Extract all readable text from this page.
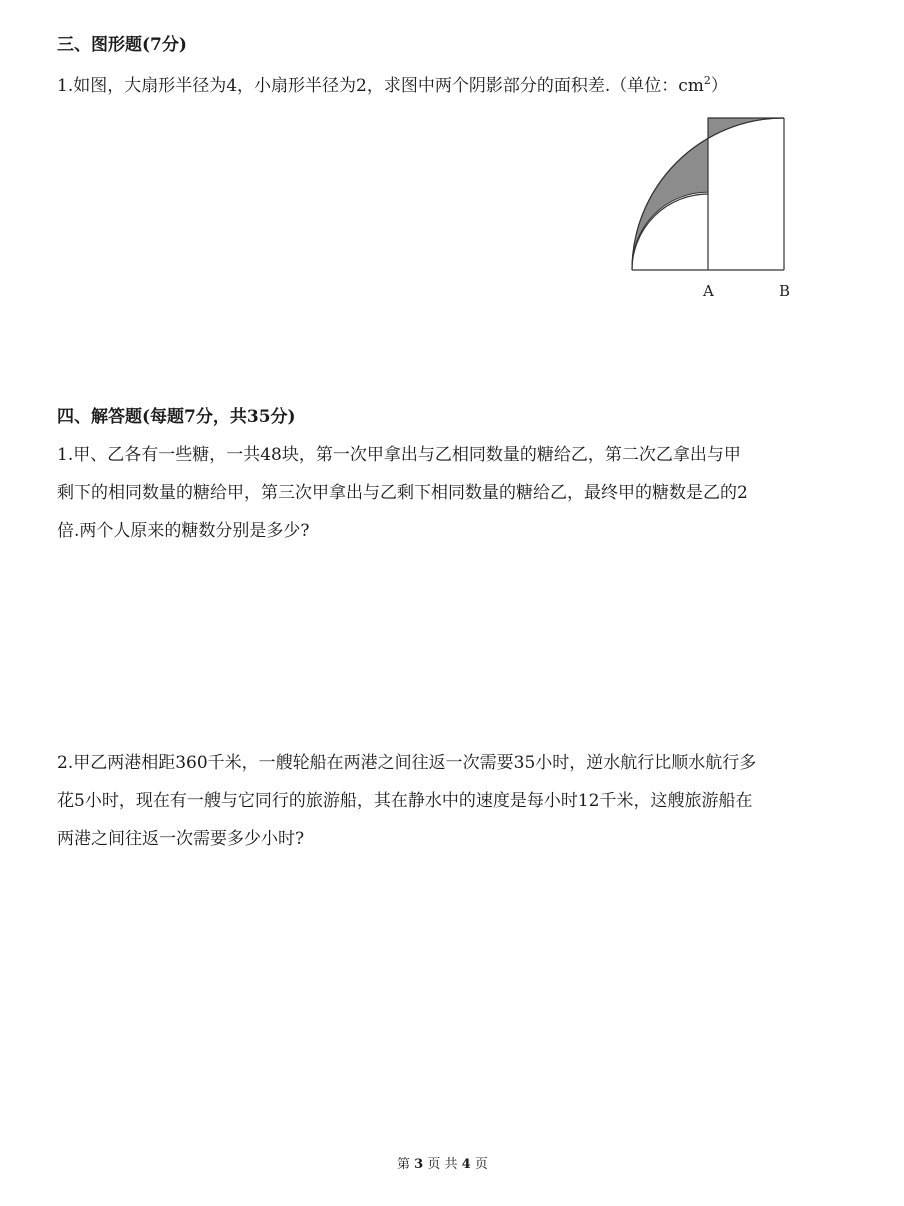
三、图形题(7分)
1.如图，大扇形半径为4，小扇形半径为2，求图中两个阴影部分的面积差.（单位：$cm^2$）
A	B
四、解答题(每题7分，共35分)
1.甲、乙各有一些糖，一共48块，第一次甲拿出与乙相同数量的糖给乙，第二次乙拿出与甲
剩下的相同数量的糖给甲，第三次甲拿出与乙剩下相同数量的糖给乙，最终甲的糖数是乙的2
倍.两个人原来的糖数分别是多少?
2.甲乙两港相距360千米，一艘轮船在两港之间往返一次需要35小时，逆水航行比顺水航行多
花5小时，现在有一艘与它同行的旅游船，其在静水中的速度是每小时12千米，这艘旅游船在
两港之间往返一次需要多少小时?
第 3 页 共 4 页
